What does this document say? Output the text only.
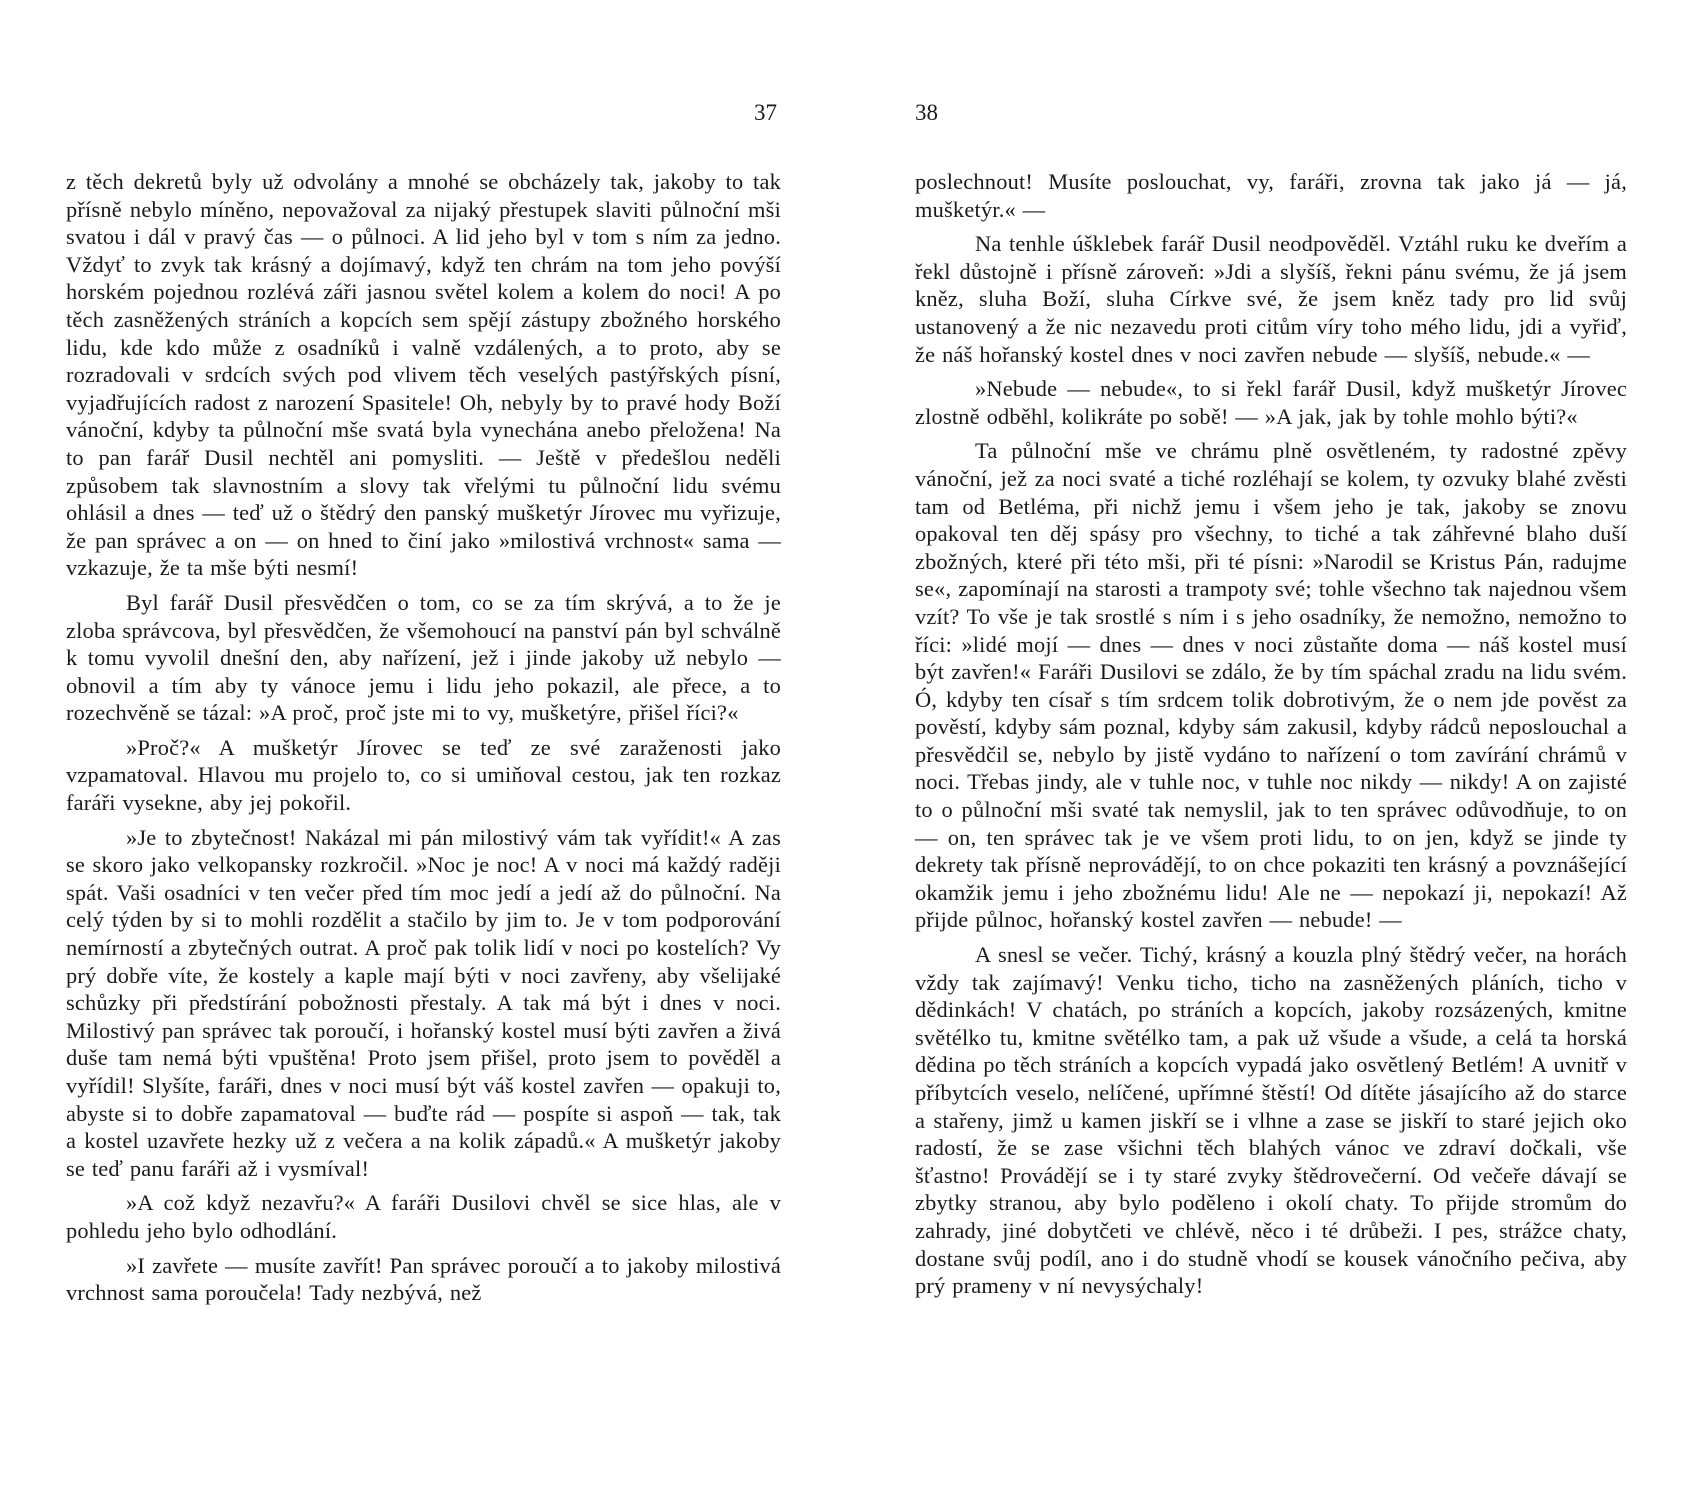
37

z těch dekretů byly už odvolány a mnohé se obcházely tak, jakoby to tak přísně nebylo míněno, nepovažoval za nijaký přestupek slaviti půlnoční mši svatou i dál v pravý čas — o půlnoci. A lid jeho byl v tom s ním za jedno. Vždyť to zvyk tak krásný a dojímavý, když ten chrám na tom jeho povýší horském pojednou rozlévá záři jasnou světel kolem a kolem do noci! A po těch zasněžených stráních a kopcích sem spějí zástupy zbožného horského lidu, kde kdo může z osadníků i valně vzdálených, a to proto, aby se rozradovali v srdcích svých pod vlivem těch veselých pastýřských písní, vyjadřujících radost z narození Spasitele! Oh, nebyly by to pravé hody Boží vánoční, kdyby ta půlnoční mše svatá byla vynechána anebo přeložena! Na to pan farář Dusil nechtěl ani pomysliti. — Ještě v předešlou neděli způsobem tak slavnostním a slovy tak vřelými tu půlnoční lidu svému ohlásil a dnes — teď už o štědrý den panský mušketýr Jírovec mu vyřizuje, že pan správec a on — on hned to činí jako »milostivá vrchnost« sama — vzkazuje, že ta mše býti nesmí!

Byl farář Dusil přesvědčen o tom, co se za tím skrývá, a to že je zloba správcova, byl přesvědčen, že všemohoucí na panství pán byl schválně k tomu vyvolil dnešní den, aby nařízení, jež i jinde jakoby už nebylo — obnovil a tím aby ty vánoce jemu i lidu jeho pokazil, ale přece, a to rozechvěně se tázal: »A proč, proč jste mi to vy, mušketýre, přišel říci?«

»Proč?« A mušketýr Jírovec se teď ze své zaraženosti jako vzpamatoval. Hlavou mu projelo to, co si umiňoval cestou, jak ten rozkaz faráři vysekne, aby jej pokořil.

»Je to zbytečnost! Nakázal mi pán milostivý vám tak vyřídit!« A zas se skoro jako velkopansky rozkročil. »Noc je noc! A v noci má každý raději spát. Vaši osadníci v ten večer před tím moc jedí a jedí až do půlnoční. Na celý týden by si to mohli rozdělit a stačilo by jim to. Je v tom podporování nemírností a zbytečných outrat. A proč pak tolik lidí v noci po kostelích? Vy prý dobře víte, že kostely a kaple mají býti v noci zavřeny, aby všelijaké schůzky při předstírání pobožnosti přestaly. A tak má být i dnes v noci. Milostivý pan správec tak poroučí, i hořanský kostel musí býti zavřen a živá duše tam nemá býti vpuštěna! Proto jsem přišel, proto jsem to pověděl a vyřídil! Slyšíte, faráři, dnes v noci musí být váš kostel zavřen — opakuji to, abyste si to dobře zapamatoval — buďte rád — pospíte si aspoň — tak, tak a kostel uzavřete hezky už z večera a na kolik západů.« A mušketýr jakoby se teď panu faráři až i vysmíval!

»A což když nezavřu?« A faráři Dusilovi chvěl se sice hlas, ale v pohledu jeho bylo odhodlání.

»I zavřete — musíte zavřít! Pan správec poroučí a to jakoby milostivá vrchnost sama poroučela! Tady nezbývá, než

38

poslechnout! Musíte poslouchat, vy, faráři, zrovna tak jako já — já, mušketýr.« —

Na tenhle úšklebek farář Dusil neodpověděl. Vztáhl ruku ke dveřím a řekl důstojně i přísně zároveň: »Jdi a slyšíš, řekni pánu svému, že já jsem kněz, sluha Boží, sluha Církve své, že jsem kněz tady pro lid svůj ustanovený a že nic nezavedu proti citům víry toho mého lidu, jdi a vyřiď, že náš hořanský kostel dnes v noci zavřen nebude — slyšíš, nebude.« —

»Nebude — nebude«, to si řekl farář Dusil, když mušketýr Jírovec zlostně odběhl, kolikráte po sobě! — »A jak, jak by tohle mohlo býti?«

Ta půlnoční mše ve chrámu plně osvětleném, ty radostné zpěvy vánoční, jež za noci svaté a tiché rozléhají se kolem, ty ozvuky blahé zvěsti tam od Betléma, při nichž jemu i všem jeho je tak, jakoby se znovu opakoval ten děj spásy pro všechny, to tiché a tak záhřevné blaho duší zbožných, které při této mši, při té písni: »Narodil se Kristus Pán, radujme se«, zapomínají na starosti a trampoty své; tohle všechno tak najednou všem vzít? To vše je tak srostlé s ním i s jeho osadníky, že nemožno, nemožno to říci: »lidé mojí — dnes — dnes v noci zůstaňte doma — náš kostel musí být zavřen!« Faráři Dusilovi se zdálo, že by tím spáchal zradu na lidu svém. Ó, kdyby ten císař s tím srdcem tolik dobrotivým, že o nem jde pověst za pověstí, kdyby sám poznal, kdyby sám zakusil, kdyby rádců neposlouchal a přesvědčil se, nebylo by jistě vydáno to nařízení o tom zavírání chrámů v noci. Třebas jindy, ale v tuhle noc, v tuhle noc nikdy — nikdy! A on zajisté to o půlnoční mši svaté tak nemyslil, jak to ten správec odůvodňuje, to on — on, ten správec tak je ve všem proti lidu, to on jen, když se jinde ty dekrety tak přísně neprovádějí, to on chce pokaziti ten krásný a povznášející okamžik jemu i jeho zbožnému lidu! Ale ne — nepokazí ji, nepokazí! Až přijde půlnoc, hořanský kostel zavřen — nebude! —

A snesl se večer. Tichý, krásný a kouzla plný štědrý večer, na horách vždy tak zajímavý! Venku ticho, ticho na zasněžených pláních, ticho v dědinkách! V chatách, po stráních a kopcích, jakoby rozsázených, kmitne světélko tu, kmitne světélko tam, a pak už všude a všude, a celá ta horská dědina po těch stráních a kopcích vypadá jako osvětlený Betlém! A uvnitř v příbytcích veselo, nelíčené, upřímné štěstí! Od dítěte jásajícího až do starce a stařeny, jimž u kamen jiskří se i vlhne a zase se jiskří to staré jejich oko radostí, že se zase všichni těch blahých vánoc ve zdraví dočkali, vše šťastno! Provádějí se i ty staré zvyky štědrovečerní. Od večeře dávají se zbytky stranou, aby bylo poděleno i okolí chaty. To přijde stromům do zahrady, jiné dobytčeti ve chlévě, něco i té drůbeži. I pes, strážce chaty, dostane svůj podíl, ano i do studně vhodí se kousek vánočního pečiva, aby prý prameny v ní nevysýchaly!
